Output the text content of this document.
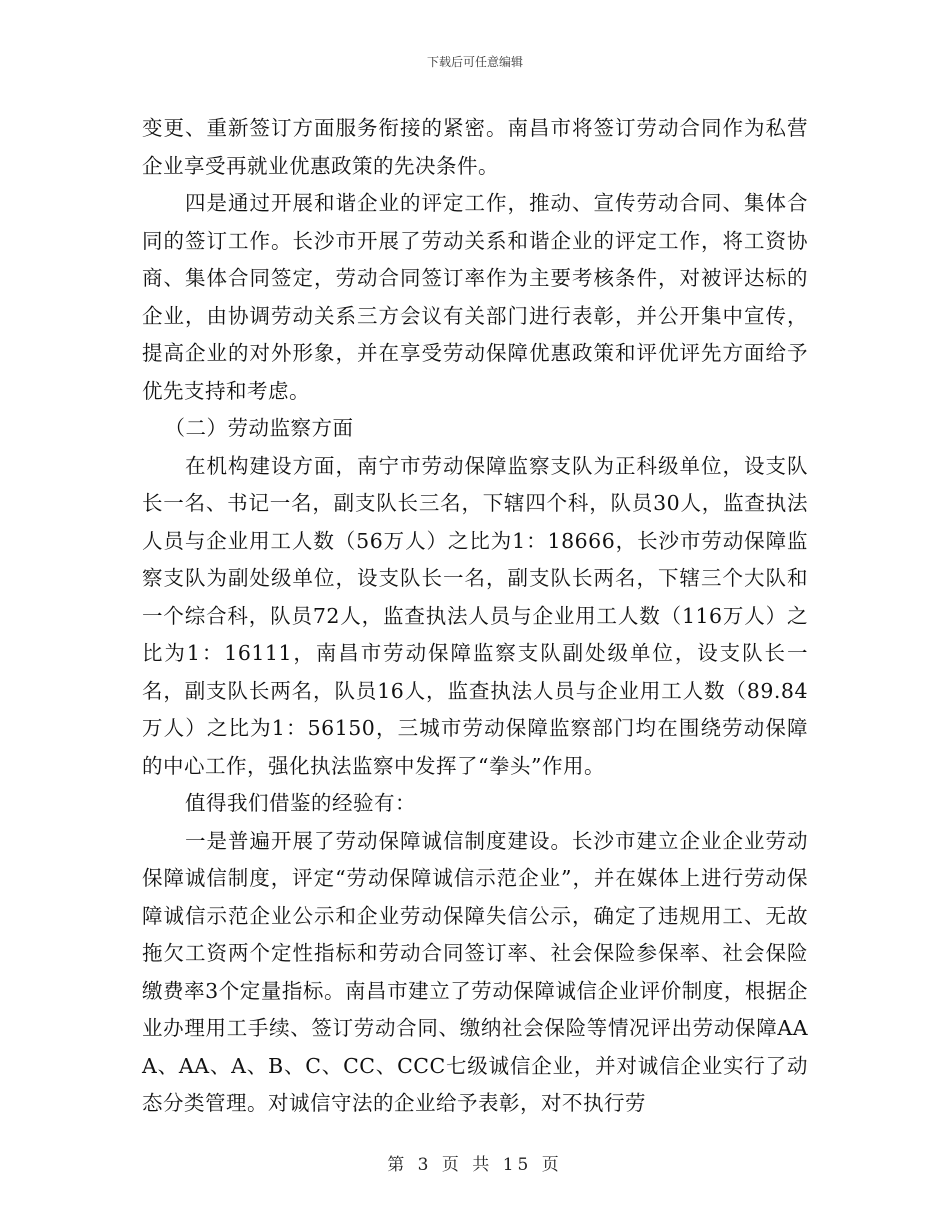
下载后可任意编辑

变更、重新签订方面服务衔接的紧密。南昌市将签订劳动合同作为私营企业享受再就业优惠政策的先决条件。

四是通过开展和谐企业的评定工作，推动、宣传劳动合同、集体合同的签订工作。长沙市开展了劳动关系和谐企业的评定工作，将工资协商、集体合同签定，劳动合同签订率作为主要考核条件，对被评达标的企业，由协调劳动关系三方会议有关部门进行表彰，并公开集中宣传，提高企业的对外形象，并在享受劳动保障优惠政策和评优评先方面给予优先支持和考虑。

（二）劳动监察方面

在机构建设方面，南宁市劳动保障监察支队为正科级单位，设支队长一名、书记一名，副支队长三名，下辖四个科，队员30人，监查执法人员与企业用工人数（56万人）之比为1：18666，长沙市劳动保障监察支队为副处级单位，设支队长一名，副支队长两名，下辖三个大队和一个综合科，队员72人，监查执法人员与企业用工人数（116万人）之比为1：16111，南昌市劳动保障监察支队副处级单位，设支队长一名，副支队长两名，队员16人，监查执法人员与企业用工人数（89.84万人）之比为1：56150，三城市劳动保障监察部门均在围绕劳动保障的中心工作，强化执法监察中发挥了“拳头”作用。

值得我们借鉴的经验有：

一是普遍开展了劳动保障诚信制度建设。长沙市建立企业企业劳动保障诚信制度，评定“劳动保障诚信示范企业”，并在媒体上进行劳动保障诚信示范企业公示和企业劳动保障失信公示，确定了违规用工、无故拖欠工资两个定性指标和劳动合同签订率、社会保险参保率、社会保险缴费率3个定量指标。南昌市建立了劳动保障诚信企业评价制度，根据企业办理用工手续、签订劳动合同、缴纳社会保险等情况评出劳动保障AAA、AA、A、B、C、CC、CCC七级诚信企业，并对诚信企业实行了动态分类管理。对诚信守法的企业给予表彰，对不执行劳

第 3 页 共 15 页
